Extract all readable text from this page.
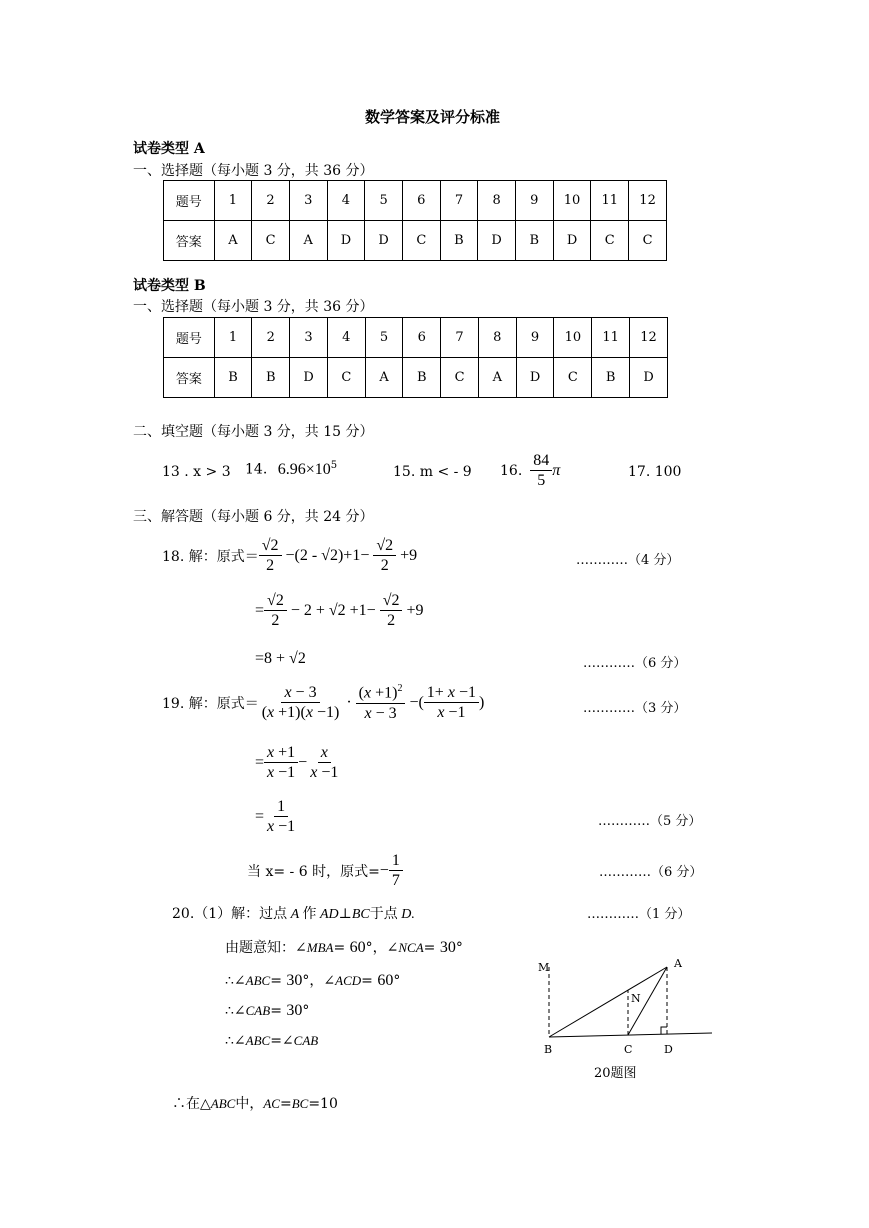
数学答案及评分标准
试卷类型 A
一、选择题（每小题 3 分，共 36 分）
题号	1	2	3	4	5	6	7	8	9	10	11	12
答案	A	C	A	D	D	C	B	D	B	D	C	C
试卷类型 B
一、选择题（每小题 3 分，共 36 分）
题号	1	2	3	4	5	6	7	8	9	10	11	12
答案	B	B	D	C	A	B	C	A	D	C	B	D
二、填空题（每小题 3 分，共 15 分）
13 . x > 3 14. $6.96\times 10^5$	15. m < - 9 16. $\frac{84}{5}$ π	17. 100
三、解答题（每小题 6 分，共 24 分）
18. 解：原式＝ $\frac{√2}{2} -(2 - √2)+1- \frac{√2}{2} +9$	…………（4 分）
= $\frac{√2}{2} - 2 + √2 +1- \frac{√2}{2} +9$
=8 + √2	…………（6 分）
19. 解：原式＝ $\frac{x - 3}{(x +1)(x -1)} \cdot \frac{(x +1)^2}{x - 3}$ −( $\frac{1+ x -1}{x -1}$ )	…………（3 分）
= $\frac{x +1}{x -1} - \frac{x}{x -1}$
= $\frac{1}{x -1}$	…………（5 分）
当 x= - 6 时，原式= − $\frac{1}{7}$	…………（6 分）
20.（1）解：过点 A 作 AD⊥BC于点 D.	…………（1 分）
由题意知：∠MBA= 60°，∠NCA= 30°
∴∠ABC= 30°，∠ACD= 60°
∴∠CAB= 30°
∴∠ABC=∠CAB
∴在△ABC中，AC=BC=10
M	A
N
B	C	D
20题图
